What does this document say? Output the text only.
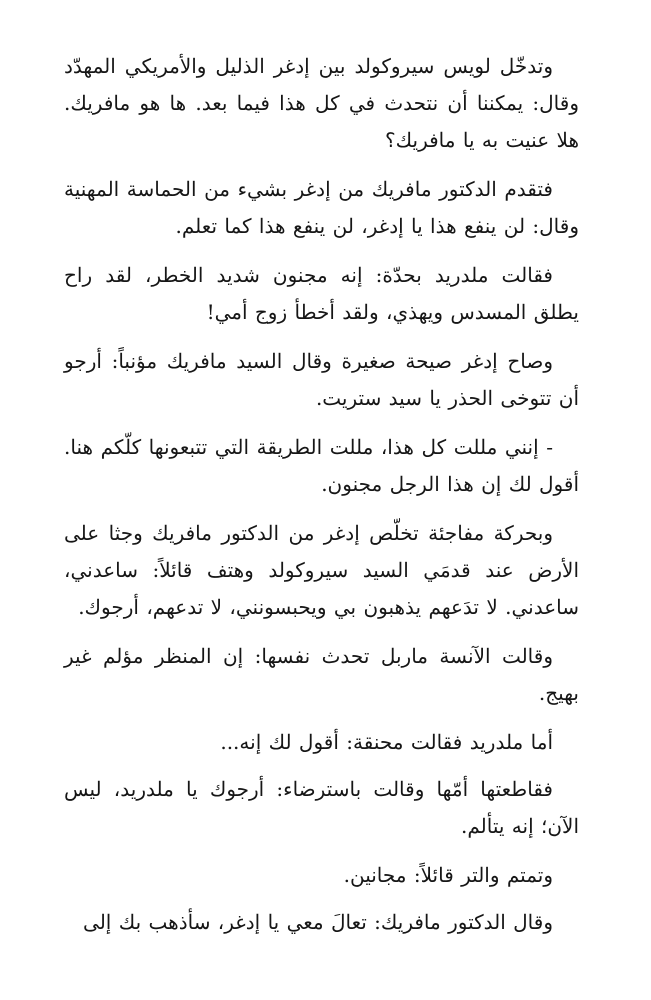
وتدخّل لويس سيروكولد بين إدغر الذليل والأمريكي المهدّد وقال: يمكننا أن نتحدث في كل هذا فيما بعد. ها هو مافريك. هلا عنيت به يا مافريك؟

فتقدم الدكتور مافريك من إدغر بشيء من الحماسة المهنية وقال: لن ينفع هذا يا إدغر، لن ينفع هذا كما تعلم.

فقالت ملدريد بحدّة: إنه مجنون شديد الخطر، لقد راح يطلق المسدس ويهذي، ولقد أخطأ زوج أمي!

وصاح إدغر صيحة صغيرة وقال السيد مافريك مؤنباً: أرجو أن تتوخى الحذر يا سيد ستريت.

- إنني مللت كل هذا، مللت الطريقة التي تتبعونها كلّكم هنا. أقول لك إن هذا الرجل مجنون.

وبحركة مفاجئة تخلّص إدغر من الدكتور مافريك وجثا على الأرض عند قدمَي السيد سيروكولد وهتف قائلاً: ساعدني، ساعدني. لا تدَعهم يذهبون بي ويحبسونني، لا تدعهم، أرجوك.

وقالت الآنسة ماربل تحدث نفسها: إن المنظر مؤلم غير بهيج.

أما ملدريد فقالت محنقة: أقول لك إنه...

فقاطعتها أمّها وقالت باسترضاء: أرجوك يا ملدريد، ليس الآن؛ إنه يتألم.

وتمتم والتر قائلاً: مجانين.

وقال الدكتور مافريك: تعالَ معي يا إدغر، سأذهب بك إلى
